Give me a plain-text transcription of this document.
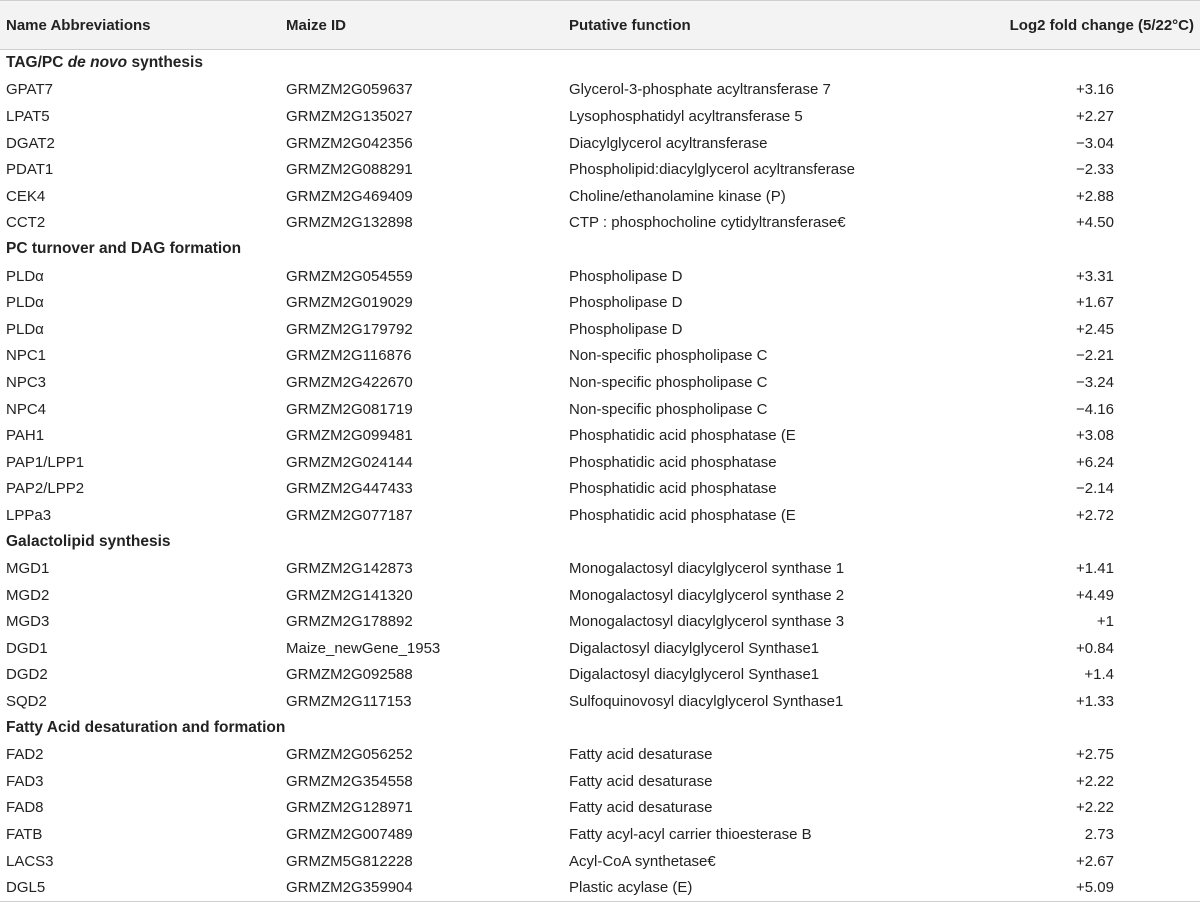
Name Abbreviations	Maize ID	Putative function	Log2 fold change (5/22°C)
TAG/PC de novo synthesis			
GPAT7	GRMZM2G059637	Glycerol-3-phosphate acyltransferase 7	+3.16
LPAT5	GRMZM2G135027	Lysophosphatidyl acyltransferase 5	+2.27
DGAT2	GRMZM2G042356	Diacylglycerol acyltransferase	−3.04
PDAT1	GRMZM2G088291	Phospholipid:diacylglycerol acyltransferase	−2.33
CEK4	GRMZM2G469409	Choline/ethanolamine kinase (P)	+2.88
CCT2	GRMZM2G132898	CTP : phosphocholine cytidyltransferase€	+4.50
PC turnover and DAG formation			
PLDα	GRMZM2G054559	Phospholipase D	+3.31
PLDα	GRMZM2G019029	Phospholipase D	+1.67
PLDα	GRMZM2G179792	Phospholipase D	+2.45
NPC1	GRMZM2G116876	Non-specific phospholipase C	−2.21
NPC3	GRMZM2G422670	Non-specific phospholipase C	−3.24
NPC4	GRMZM2G081719	Non-specific phospholipase C	−4.16
PAH1	GRMZM2G099481	Phosphatidic acid phosphatase (E	+3.08
PAP1/LPP1	GRMZM2G024144	Phosphatidic acid phosphatase	+6.24
PAP2/LPP2	GRMZM2G447433	Phosphatidic acid phosphatase	−2.14
LPPa3	GRMZM2G077187	Phosphatidic acid phosphatase (E	+2.72
Galactolipid synthesis			
MGD1	GRMZM2G142873	Monogalactosyl diacylglycerol synthase 1	+1.41
MGD2	GRMZM2G141320	Monogalactosyl diacylglycerol synthase 2	+4.49
MGD3	GRMZM2G178892	Monogalactosyl diacylglycerol synthase 3	+1
DGD1	Maize_newGene_1953	Digalactosyl diacylglycerol Synthase1	+0.84
DGD2	GRMZM2G092588	Digalactosyl diacylglycerol Synthase1	+1.4
SQD2	GRMZM2G117153	Sulfoquinovosyl diacylglycerol Synthase1	+1.33
Fatty Acid desaturation and formation			
FAD2	GRMZM2G056252	Fatty acid desaturase	+2.75
FAD3	GRMZM2G354558	Fatty acid desaturase	+2.22
FAD8	GRMZM2G128971	Fatty acid desaturase	+2.22
FATB	GRMZM2G007489	Fatty acyl-acyl carrier thioesterase B	2.73
LACS3	GRMZM5G812228	Acyl-CoA synthetase€	+2.67
DGL5	GRMZM2G359904	Plastic acylase (E)	+5.09
